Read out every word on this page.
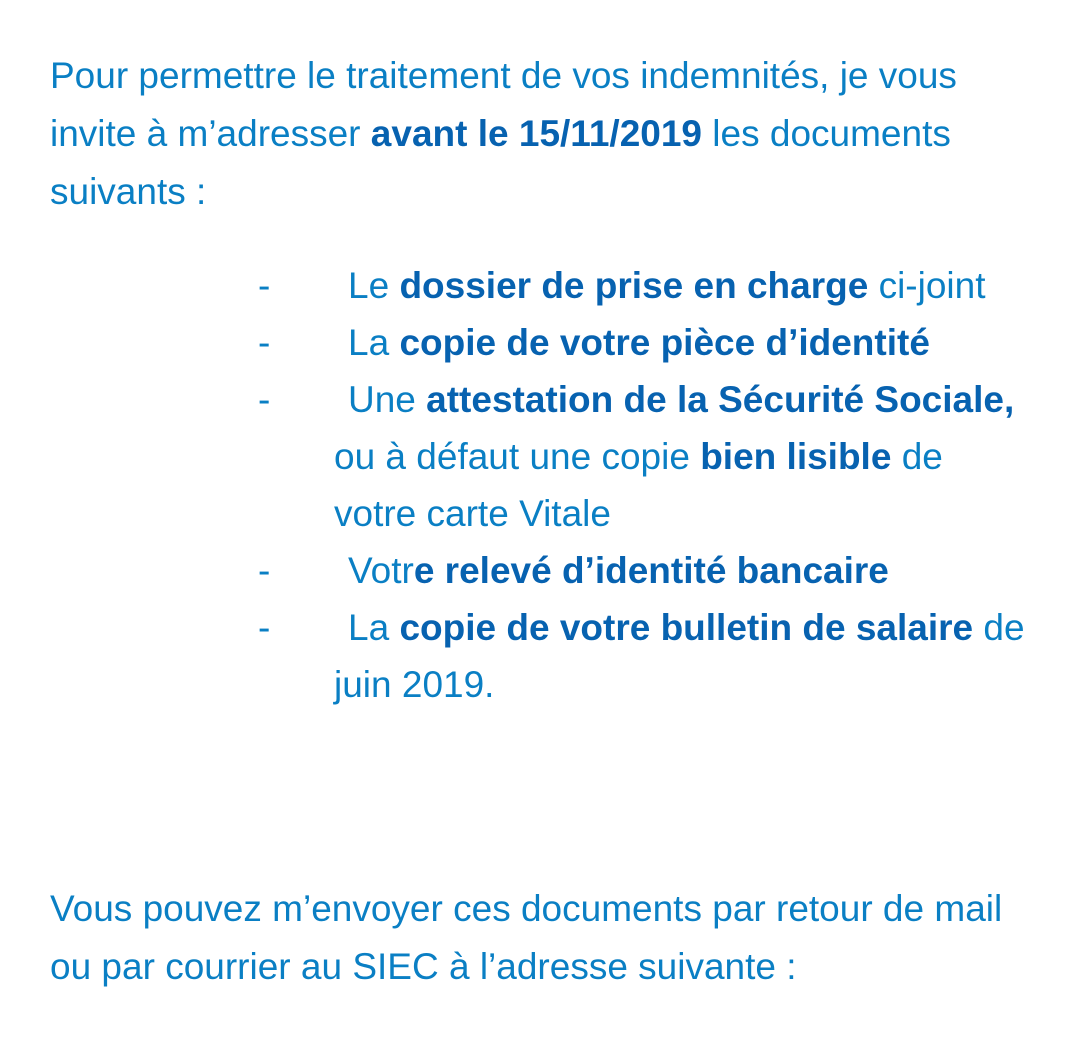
Pour permettre le traitement de vos indemnités, je vous invite à m’adresser avant le 15/11/2019 les documents suivants :

-	Le dossier de prise en charge ci-joint
-	La copie de votre pièce d’identité
-	Une attestation de la Sécurité Sociale, ou à défaut une copie bien lisible de votre carte Vitale
-	Votre relevé d’identité bancaire
-	La copie de votre bulletin de salaire de juin 2019.

Vous pouvez m’envoyer ces documents par retour de mail ou par courrier au SIEC à l’adresse suivante :
